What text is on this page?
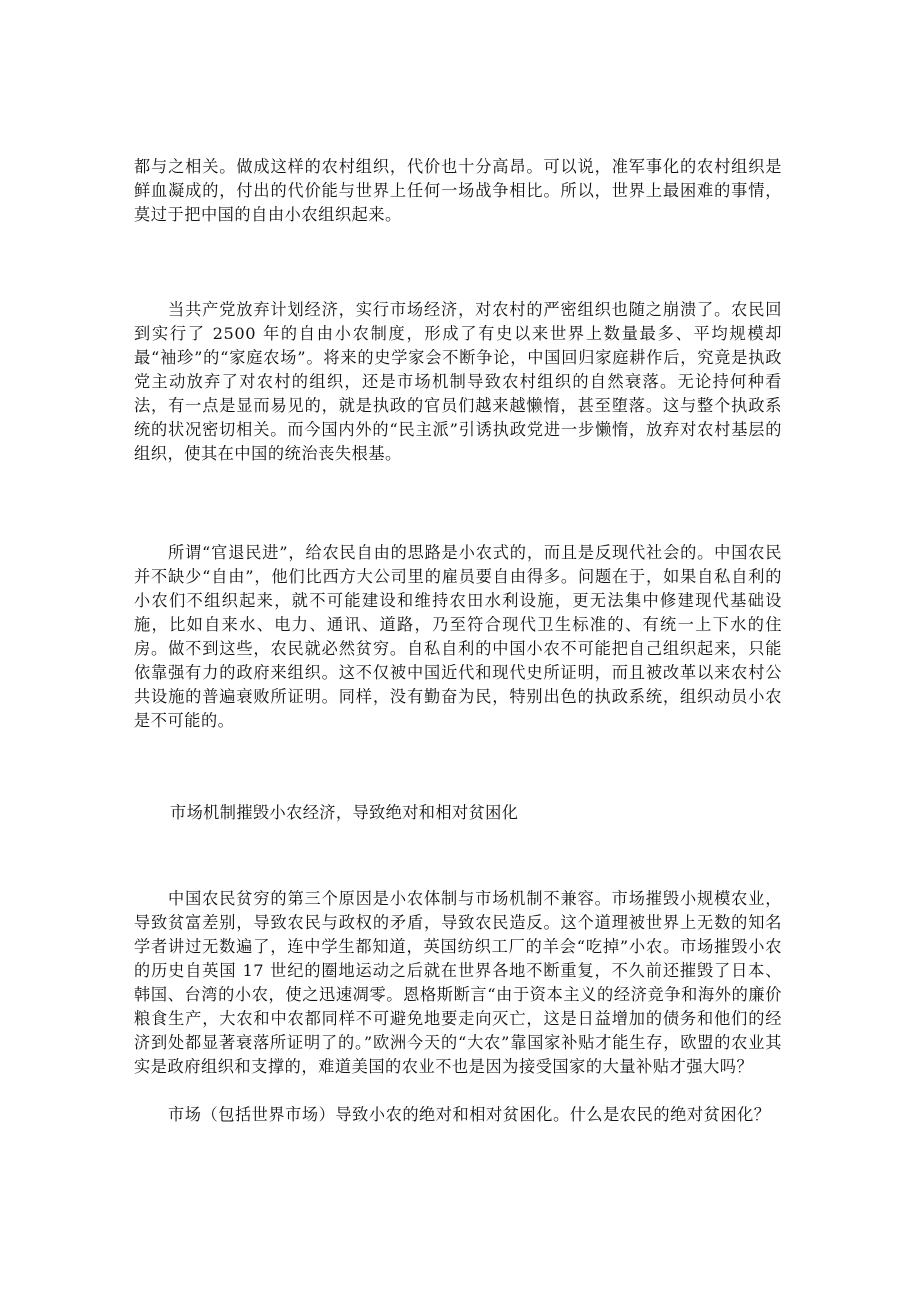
都与之相关。做成这样的农村组织，代价也十分高昂。可以说，准军事化的农村组织是鲜血凝成的，付出的代价能与世界上任何一场战争相比。所以，世界上最困难的事情，莫过于把中国的自由小农组织起来。

当共产党放弃计划经济，实行市场经济，对农村的严密组织也随之崩溃了。农民回到实行了 2500 年的自由小农制度，形成了有史以来世界上数量最多、平均规模却最“袖珍”的“家庭农场”。将来的史学家会不断争论，中国回归家庭耕作后，究竟是执政党主动放弃了对农村的组织，还是市场机制导致农村组织的自然衰落。无论持何种看法，有一点是显而易见的，就是执政的官员们越来越懒惰，甚至堕落。这与整个执政系统的状况密切相关。而今国内外的“民主派”引诱执政党进一步懒惰，放弃对农村基层的组织，使其在中国的统治丧失根基。

所谓“官退民进”，给农民自由的思路是小农式的，而且是反现代社会的。中国农民并不缺少“自由”，他们比西方大公司里的雇员要自由得多。问题在于，如果自私自利的小农们不组织起来，就不可能建设和维持农田水利设施，更无法集中修建现代基础设施，比如自来水、电力、通讯、道路，乃至符合现代卫生标准的、有统一上下水的住房。做不到这些，农民就必然贫穷。自私自利的中国小农不可能把自己组织起来，只能依靠强有力的政府来组织。这不仅被中国近代和现代史所证明，而且被改革以来农村公共设施的普遍衰败所证明。同样，没有勤奋为民，特别出色的执政系统，组织动员小农是不可能的。

市场机制摧毁小农经济，导致绝对和相对贫困化

中国农民贫穷的第三个原因是小农体制与市场机制不兼容。市场摧毁小规模农业，导致贫富差别，导致农民与政权的矛盾，导致农民造反。这个道理被世界上无数的知名学者讲过无数遍了，连中学生都知道，英国纺织工厂的羊会“吃掉”小农。市场摧毁小农的历史自英国 17 世纪的圈地运动之后就在世界各地不断重复，不久前还摧毁了日本、韩国、台湾的小农，使之迅速凋零。恩格斯断言“由于资本主义的经济竞争和海外的廉价粮食生产，大农和中农都同样不可避免地要走向灭亡，这是日益增加的债务和他们的经济到处都显著衰落所证明了的。”欧洲今天的“大农”靠国家补贴才能生存，欧盟的农业其实是政府组织和支撑的，难道美国的农业不也是因为接受国家的大量补贴才强大吗？

市场（包括世界市场）导致小农的绝对和相对贫困化。什么是农民的绝对贫困化？
